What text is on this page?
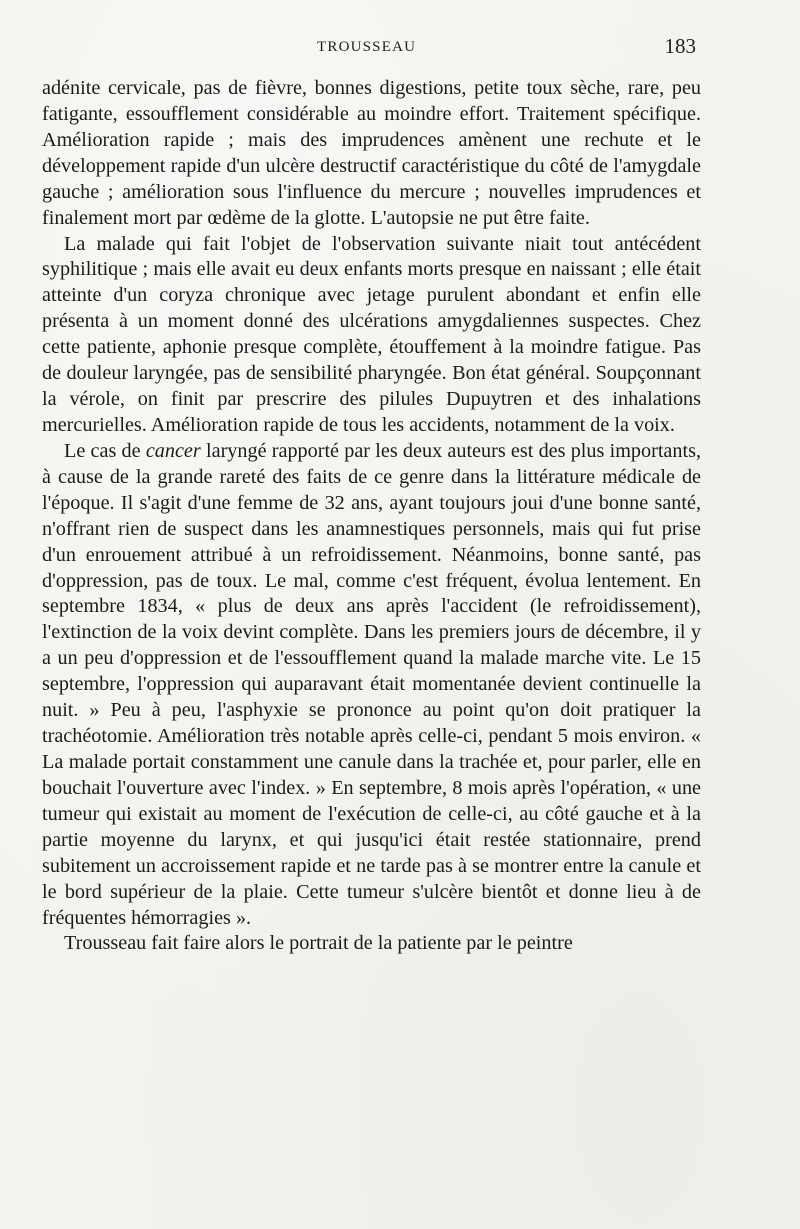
TROUSSEAU	183

adénite cervicale, pas de fièvre, bonnes digestions, petite toux sèche, rare, peu fatigante, essoufflement considérable au moindre effort. Traitement spécifique. Amélioration rapide ; mais des imprudences amènent une rechute et le développement rapide d'un ulcère destructif caractéristique du côté de l'amygdale gauche ; amélioration sous l'influence du mercure ; nouvelles imprudences et finalement mort par œdème de la glotte. L'autopsie ne put être faite.

La malade qui fait l'objet de l'observation suivante niait tout antécédent syphilitique ; mais elle avait eu deux enfants morts presque en naissant ; elle était atteinte d'un coryza chronique avec jetage purulent abondant et enfin elle présenta à un moment donné des ulcérations amygdaliennes suspectes. Chez cette patiente, aphonie presque complète, étouffement à la moindre fatigue. Pas de douleur laryngée, pas de sensibilité pharyngée. Bon état général. Soupçonnant la vérole, on finit par prescrire des pilules Dupuytren et des inhalations mercurielles. Amélioration rapide de tous les accidents, notamment de la voix.

Le cas de cancer laryngé rapporté par les deux auteurs est des plus importants, à cause de la grande rareté des faits de ce genre dans la littérature médicale de l'époque. Il s'agit d'une femme de 32 ans, ayant toujours joui d'une bonne santé, n'offrant rien de suspect dans les anamnestiques personnels, mais qui fut prise d'un enrouement attribué à un refroidissement. Néanmoins, bonne santé, pas d'oppression, pas de toux. Le mal, comme c'est fréquent, évolua lentement. En septembre 1834, « plus de deux ans après l'accident (le refroidissement), l'extinction de la voix devint complète. Dans les premiers jours de décembre, il y a un peu d'oppression et de l'essoufflement quand la malade marche vite. Le 15 septembre, l'oppression qui auparavant était momentanée devient continuelle la nuit. » Peu à peu, l'asphyxie se prononce au point qu'on doit pratiquer la trachéotomie. Amélioration très notable après celle-ci, pendant 5 mois environ. « La malade portait constamment une canule dans la trachée et, pour parler, elle en bouchait l'ouverture avec l'index. » En septembre, 8 mois après l'opération, « une tumeur qui existait au moment de l'exécution de celle-ci, au côté gauche et à la partie moyenne du larynx, et qui jusqu'ici était restée stationnaire, prend subitement un accroissement rapide et ne tarde pas à se montrer entre la canule et le bord supérieur de la plaie. Cette tumeur s'ulcère bientôt et donne lieu à de fréquentes hémorragies ».

Trousseau fait faire alors le portrait de la patiente par le peintre
